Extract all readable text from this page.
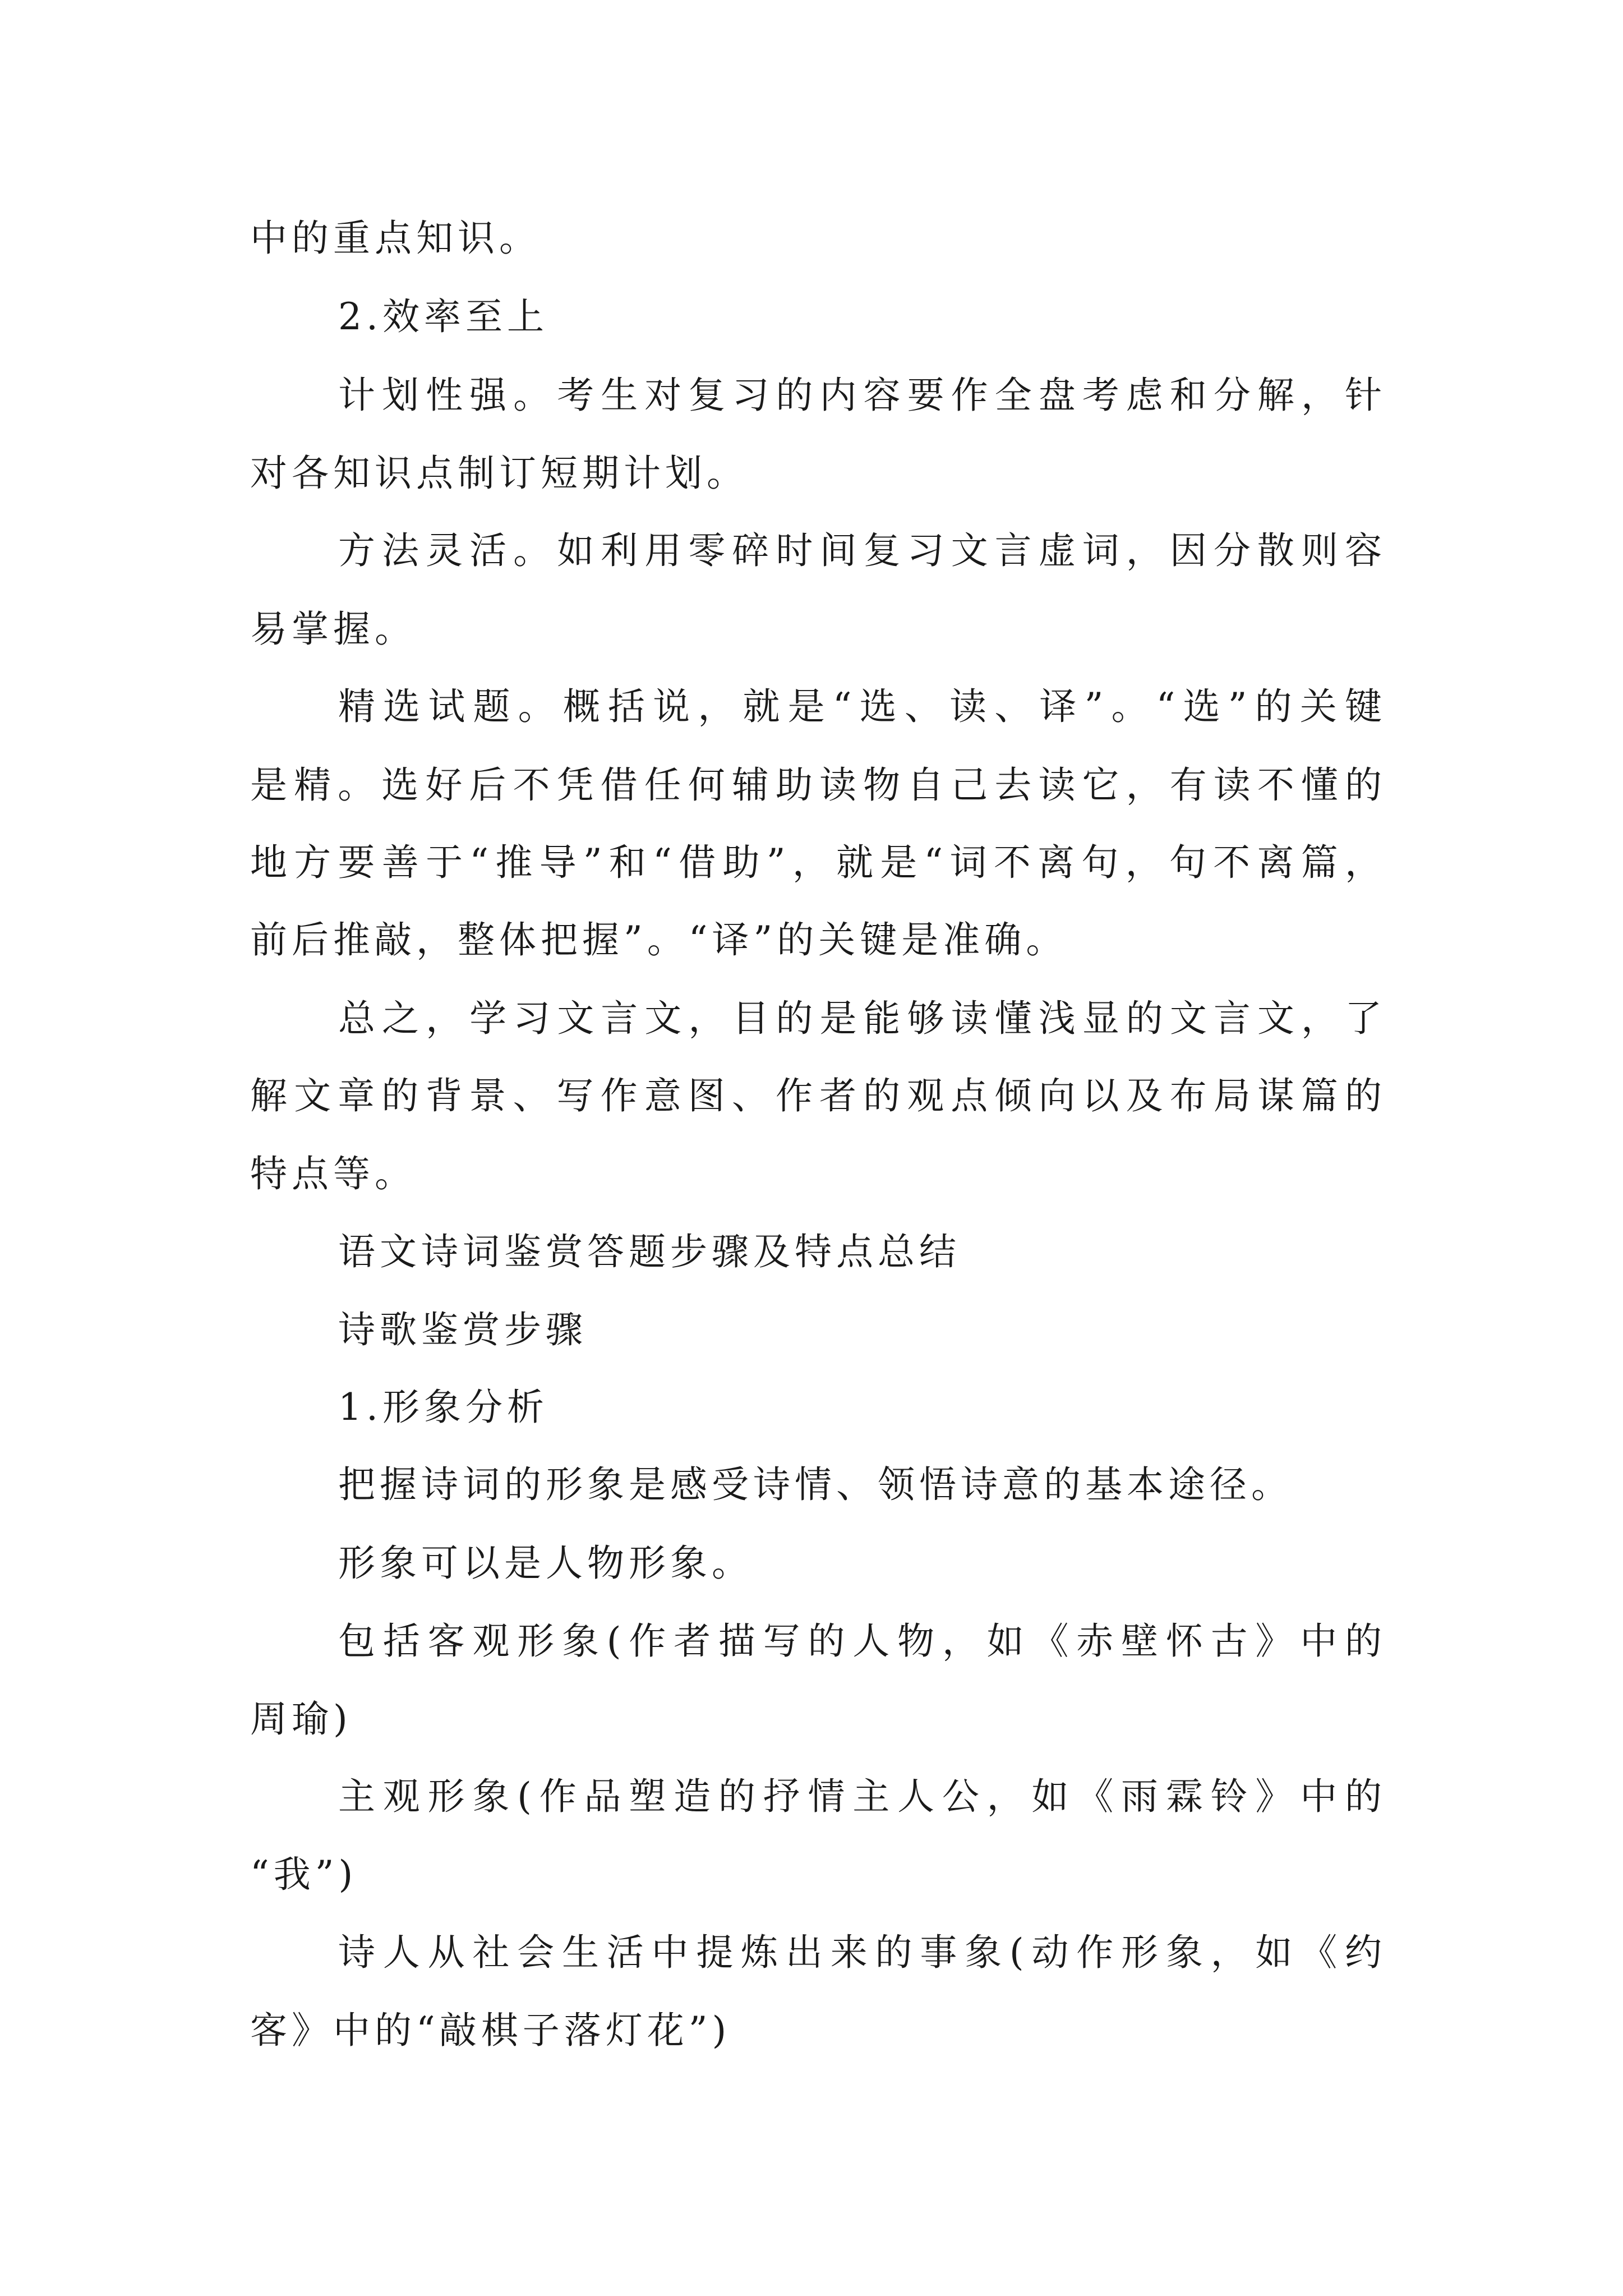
中的重点知识。

2.效率至上

计划性强。考生对复习的内容要作全盘考虑和分解，针

对各知识点制订短期计划。

方法灵活。如利用零碎时间复习文言虚词，因分散则容

易掌握。

精选试题。概括说，就是“选、读、译”。“选”的关键

是精。选好后不凭借任何辅助读物自己去读它，有读不懂的

地方要善于“推导”和“借助”，就是“词不离句，句不离篇，

前后推敲，整体把握”。“译”的关键是准确。

总之，学习文言文，目的是能够读懂浅显的文言文，了

解文章的背景、写作意图、作者的观点倾向以及布局谋篇的

特点等。

语文诗词鉴赏答题步骤及特点总结

诗歌鉴赏步骤

1.形象分析

把握诗词的形象是感受诗情、领悟诗意的基本途径。

形象可以是人物形象。

包括客观形象(作者描写的人物，如《赤壁怀古》中的

周瑜)

主观形象(作品塑造的抒情主人公，如《雨霖铃》中的

“我”)

诗人从社会生活中提炼出来的事象(动作形象，如《约

客》中的“敲棋子落灯花”)
